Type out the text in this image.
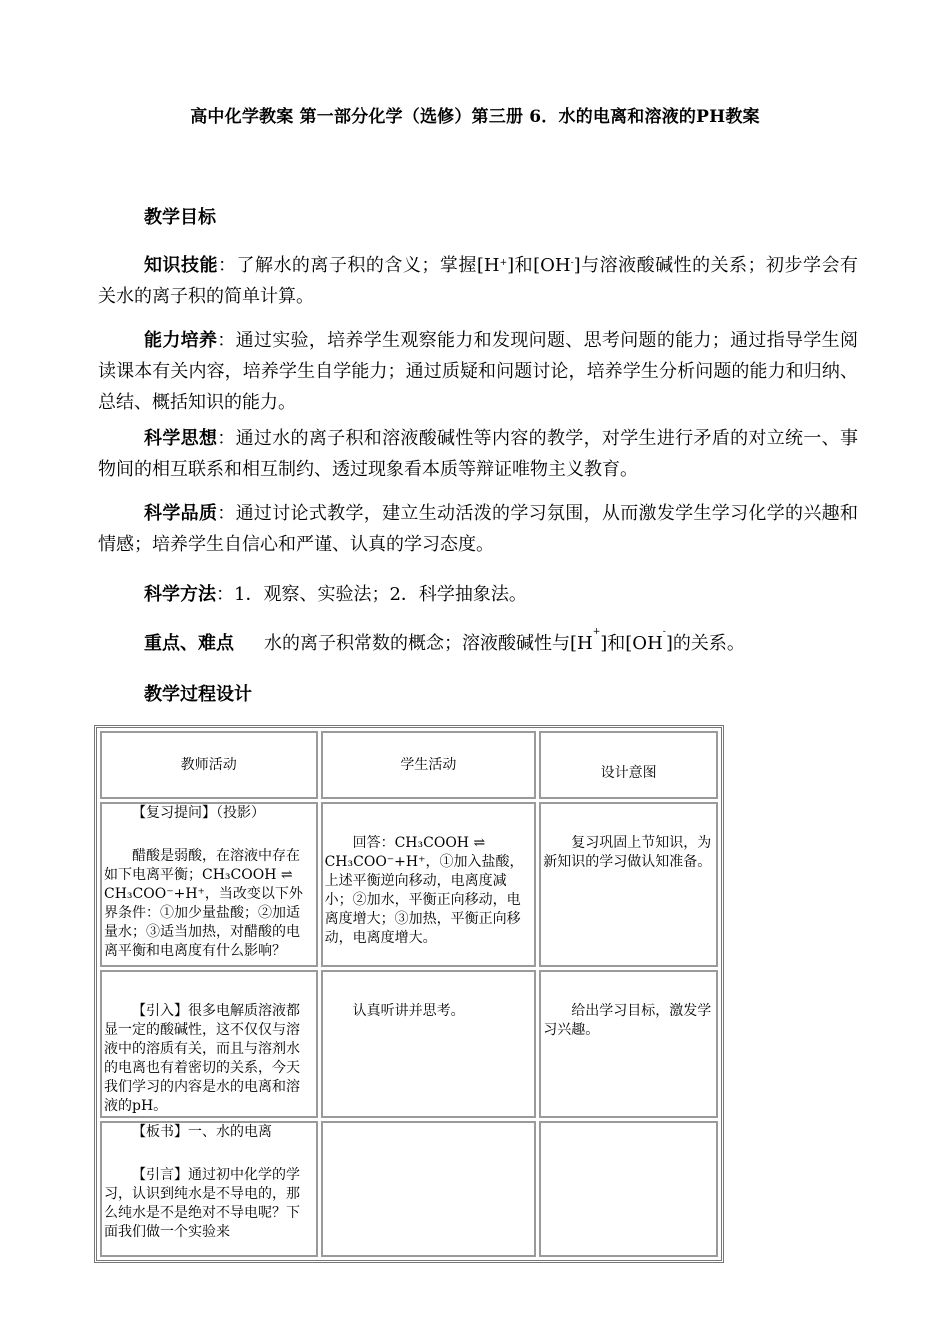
高中化学教案 第一部分化学（选修）第三册 6．水的电离和溶液的PH教案
教学目标
知识技能：了解水的离子积的含义；掌握[H+]和[OH-]与溶液酸碱性的关系；初步学会有关水的离子积的简单计算。
能力培养：通过实验，培养学生观察能力和发现问题、思考问题的能力；通过指导学生阅读课本有关内容，培养学生自学能力；通过质疑和问题讨论，培养学生分析问题的能力和归纳、总结、概括知识的能力。
科学思想：通过水的离子积和溶液酸碱性等内容的教学，对学生进行矛盾的对立统一、事物间的相互联系和相互制约、透过现象看本质等辩证唯物主义教育。
科学品质：通过讨论式教学，建立生动活泼的学习氛围，从而激发学生学习化学的兴趣和情感；培养学生自信心和严谨、认真的学习态度。
科学方法：1．观察、实验法；2．科学抽象法。
重点、难点 水的离子积常数的概念；溶液酸碱性与[H+]和[OH-]的关系。
教学过程设计
教师活动	学生活动	设计意图

【复习提问】（投影）

醋酸是弱酸，在溶液中存在如下电离平衡；CH₃COOH ⇌ CH₃COO⁻+H⁺，当改变以下外界条件：①加少量盐酸；②加适量水；③适当加热，对醋酸的电离平衡和电离度有什么影响？	回答：CH₃COOH ⇌ CH₃COO⁻+H⁺，①加入盐酸，上述平衡逆向移动，电离度减小；②加水，平衡正向移动，电离度增大；③加热，平衡正向移动，电离度增大。	复习巩固上节知识，为新知识的学习做认知准备。

【引入】很多电解质溶液都显一定的酸碱性，这不仅仅与溶液中的溶质有关，而且与溶剂水的电离也有着密切的关系，今天我们学习的内容是水的电离和溶液的pH。	认真听讲并思考。	给出学习目标，激发学习兴趣。

【板书】一、水的电离

【引言】通过初中化学的学习，认识到纯水是不导电的，那么纯水是不是绝对不导电呢？下面我们做一个实验来		
